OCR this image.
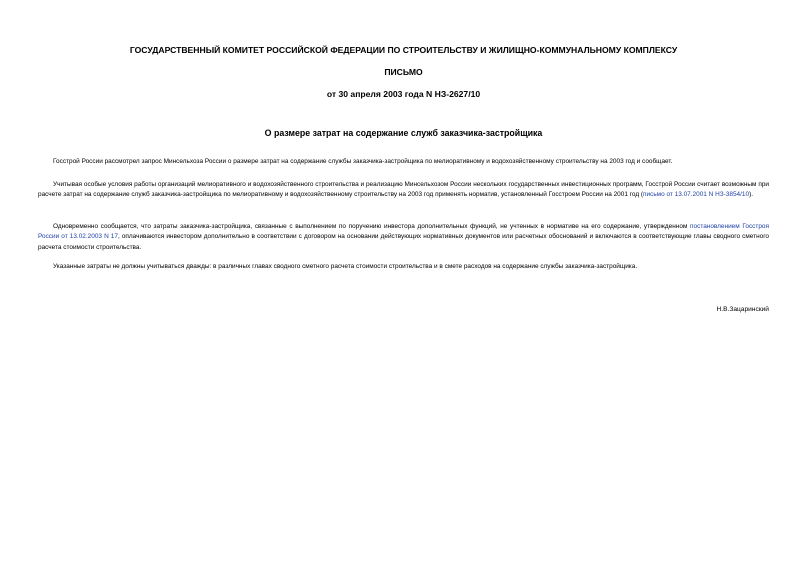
ГОСУДАРСТВЕННЫЙ КОМИТЕТ РОССИЙСКОЙ ФЕДЕРАЦИИ ПО СТРОИТЕЛЬСТВУ И ЖИЛИЩНО-КОММУНАЛЬНОМУ КОМПЛЕКСУ
ПИСЬМО
от 30 апреля 2003 года N НЗ-2627/10
О размере затрат на содержание служб заказчика-застройщика
Госстрой России рассмотрел запрос Минсельхоза России о размере затрат на содержание службы заказчика-застройщика по мелиоративному и водохозяйственному строительству на 2003 год и сообщает.
Учитывая особые условия работы организаций мелиоративного и водохозяйственного строительства и реализацию Минсельхозом России нескольких государственных инвестиционных программ, Госстрой России считает возможным при расчете затрат на содержание служб заказчика-застройщика по мелиоративному и водохозяйственному строительству на 2003 год применять норматив, установленный Госстроем России на 2001 год (письмо от 13.07.2001 N НЗ-3854/10).
Одновременно сообщается, что затраты заказчика-застройщика, связанные с выполнением по поручению инвестора дополнительных функций, не учтенных в нормативе на его содержание, утвержденном постановлением Госстроя России от 13.02.2003 N 17, оплачиваются инвестором дополнительно в соответствии с договором на основании действующих нормативных документов или расчетных обоснований и включаются в соответствующие главы сводного сметного расчета стоимости строительства.
Указанные затраты не должны учитываться дважды: в различных главах сводного сметного расчета стоимости строительства и в смете расходов на содержание службы заказчика-застройщика.
Н.В.Зацаринский
